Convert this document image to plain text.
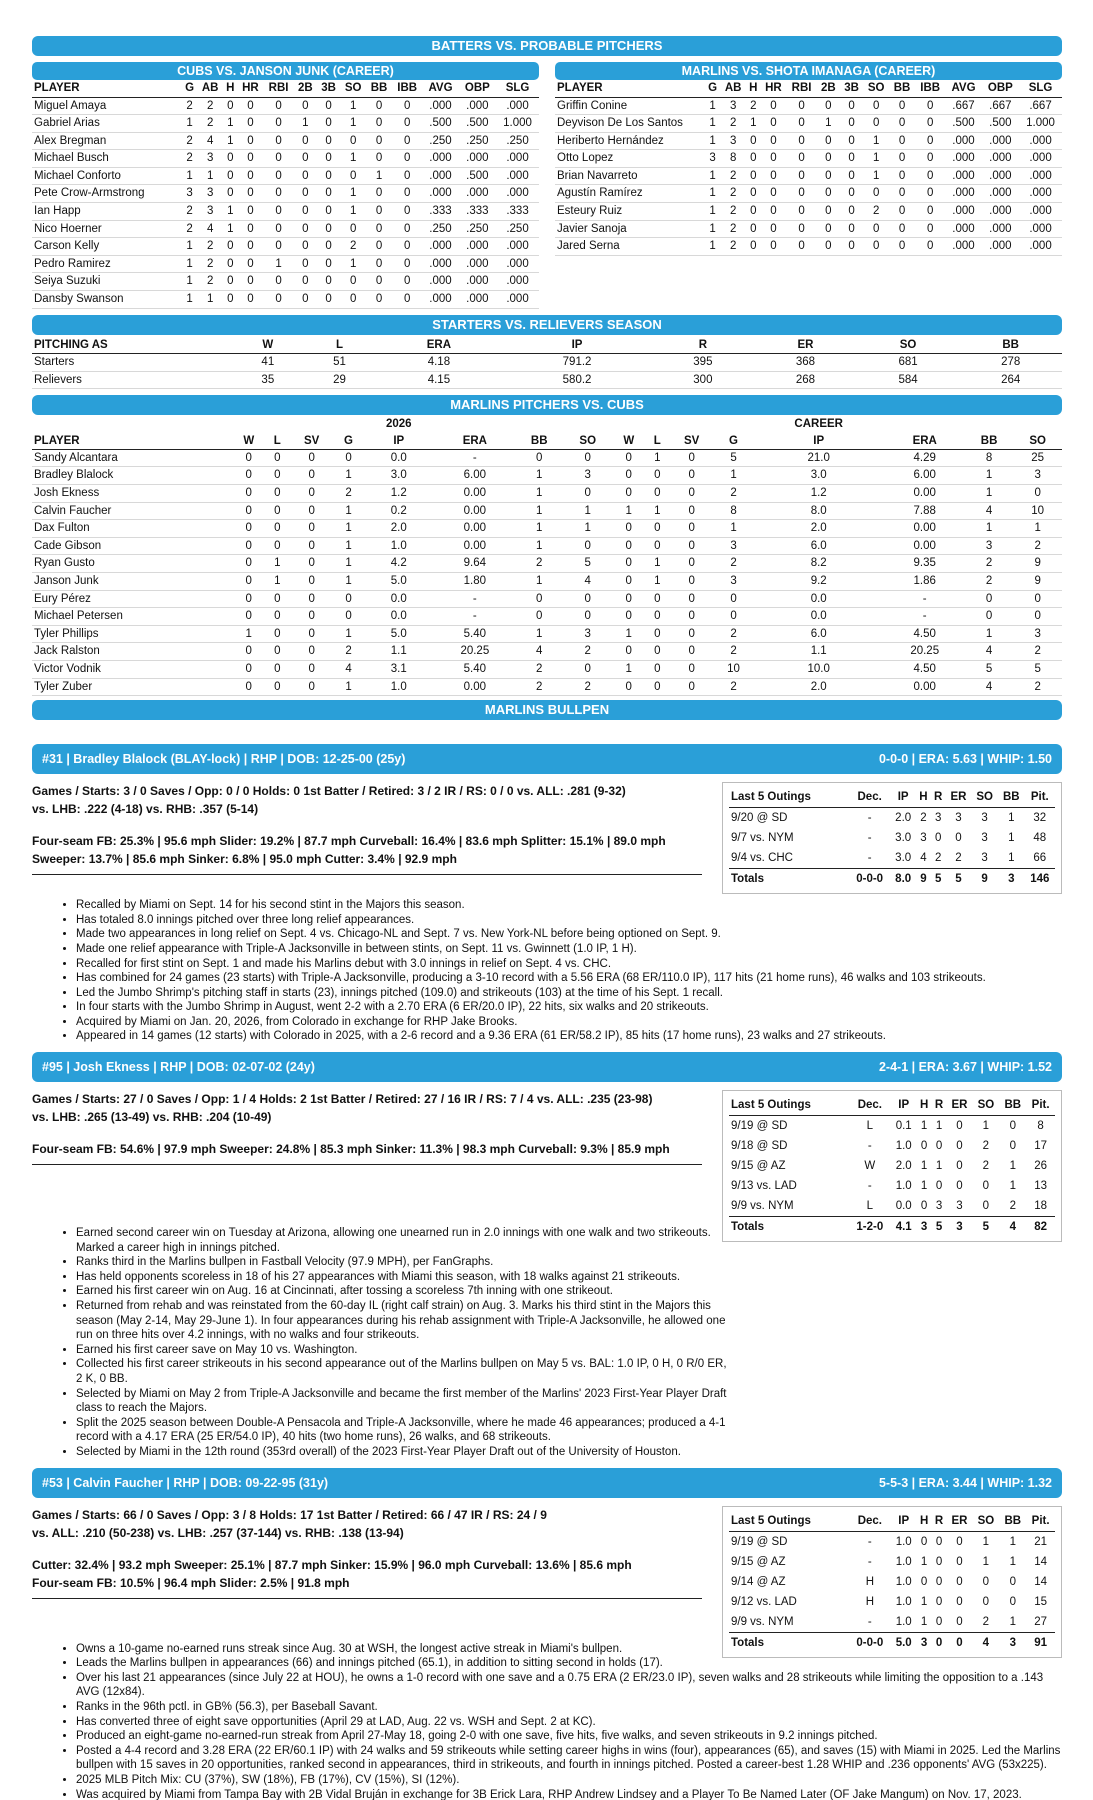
BATTERS VS. PROBABLE PITCHERS
CUBS VS. JANSON JUNK (CAREER)
PLAYER	G	AB	H	HR	RBI	2B	3B	SO	BB	IBB	AVG	OBP	SLG
Miguel Amaya	2	2	0	0	0	0	0	1	0	0	.000	.000	.000
Gabriel Arias	1	2	1	0	0	1	0	1	0	0	.500	.500	1.000
Alex Bregman	2	4	1	0	0	0	0	0	0	0	.250	.250	.250
Michael Busch	2	3	0	0	0	0	0	1	0	0	.000	.000	.000
Michael Conforto	1	1	0	0	0	0	0	0	1	0	.000	.500	.000
Pete Crow-Armstrong	3	3	0	0	0	0	0	1	0	0	.000	.000	.000
Ian Happ	2	3	1	0	0	0	0	1	0	0	.333	.333	.333
Nico Hoerner	2	4	1	0	0	0	0	0	0	0	.250	.250	.250
Carson Kelly	1	2	0	0	0	0	0	2	0	0	.000	.000	.000
Pedro Ramirez	1	2	0	0	1	0	0	1	0	0	.000	.000	.000
Seiya Suzuki	1	2	0	0	0	0	0	0	0	0	.000	.000	.000
Dansby Swanson	1	1	0	0	0	0	0	0	0	0	.000	.000	.000
MARLINS VS. SHOTA IMANAGA (CAREER)
PLAYER	G	AB	H	HR	RBI	2B	3B	SO	BB	IBB	AVG	OBP	SLG
Griffin Conine	1	3	2	0	0	0	0	0	0	0	.667	.667	.667
Deyvison De Los Santos	1	2	1	0	0	1	0	0	0	0	.500	.500	1.000
Heriberto Hernández	1	3	0	0	0	0	0	1	0	0	.000	.000	.000
Otto Lopez	3	8	0	0	0	0	0	1	0	0	.000	.000	.000
Brian Navarreto	1	2	0	0	0	0	0	1	0	0	.000	.000	.000
Agustín Ramírez	1	2	0	0	0	0	0	0	0	0	.000	.000	.000
Esteury Ruiz	1	2	0	0	0	0	0	2	0	0	.000	.000	.000
Javier Sanoja	1	2	0	0	0	0	0	0	0	0	.000	.000	.000
Jared Serna	1	2	0	0	0	0	0	0	0	0	.000	.000	.000
STARTERS VS. RELIEVERS SEASON
PITCHING AS	W	L	ERA	IP	R	ER	SO	BB
Starters	41	51	4.18	791.2	395	368	681	278
Relievers	35	29	4.15	580.2	300	268	584	264
MARLINS PITCHERS VS. CUBS
					2026								CAREER			
PLAYER	W	L	SV	G	IP	ERA	BB	SO	W	L	SV	G	IP	ERA	BB	SO
Sandy Alcantara	0	0	0	0	0.0	-	0	0	0	1	0	5	21.0	4.29	8	25
Bradley Blalock	0	0	0	1	3.0	6.00	1	3	0	0	0	1	3.0	6.00	1	3
Josh Ekness	0	0	0	2	1.2	0.00	1	0	0	0	0	2	1.2	0.00	1	0
Calvin Faucher	0	0	0	1	0.2	0.00	1	1	1	1	0	8	8.0	7.88	4	10
Dax Fulton	0	0	0	1	2.0	0.00	1	1	0	0	0	1	2.0	0.00	1	1
Cade Gibson	0	0	0	1	1.0	0.00	1	0	0	0	0	3	6.0	0.00	3	2
Ryan Gusto	0	1	0	1	4.2	9.64	2	5	0	1	0	2	8.2	9.35	2	9
Janson Junk	0	1	0	1	5.0	1.80	1	4	0	1	0	3	9.2	1.86	2	9
Eury Pérez	0	0	0	0	0.0	-	0	0	0	0	0	0	0.0	-	0	0
Michael Petersen	0	0	0	0	0.0	-	0	0	0	0	0	0	0.0	-	0	0
Tyler Phillips	1	0	0	1	5.0	5.40	1	3	1	0	0	2	6.0	4.50	1	3
Jack Ralston	0	0	0	2	1.1	20.25	4	2	0	0	0	2	1.1	20.25	4	2
Victor Vodnik	0	0	0	4	3.1	5.40	2	0	1	0	0	10	10.0	4.50	5	5
Tyler Zuber	0	0	0	1	1.0	0.00	2	2	0	0	0	2	2.0	0.00	4	2
MARLINS BULLPEN
#31 | Bradley Blalock (BLAY-lock) | RHP | DOB: 12-25-00 (25y)	0-0-0 | ERA: 5.63 | WHIP: 1.50
Games / Starts: 3 / 0 Saves / Opp: 0 / 0 Holds: 0 1st Batter / Retired: 3 / 2 IR / RS: 0 / 0 vs. ALL: .281 (9-32)
vs. LHB: .222 (4-18) vs. RHB: .357 (5-14)
Four-seam FB: 25.3% | 95.6 mph Slider: 19.2% | 87.7 mph Curveball: 16.4% | 83.6 mph Splitter: 15.1% | 89.0 mph
Sweeper: 13.7% | 85.6 mph Sinker: 6.8% | 95.0 mph Cutter: 3.4% | 92.9 mph
Last 5 Outings	Dec.	IP	H	R	ER	SO	BB	Pit.
9/20 @ SD	-	2.0	2	3	3	3	1	32
9/7 vs. NYM	-	3.0	3	0	0	3	1	48
9/4 vs. CHC	-	3.0	4	2	2	3	1	66
Totals	0-0-0	8.0	9	5	5	9	3	146
• Recalled by Miami on Sept. 14 for his second stint in the Majors this season.
• Has totaled 8.0 innings pitched over three long relief appearances.
• Made two appearances in long relief on Sept. 4 vs. Chicago-NL and Sept. 7 vs. New York-NL before being optioned on Sept. 9.
• Made one relief appearance with Triple-A Jacksonville in between stints, on Sept. 11 vs. Gwinnett (1.0 IP, 1 H).
• Recalled for first stint on Sept. 1 and made his Marlins debut with 3.0 innings in relief on Sept. 4 vs. CHC.
• Has combined for 24 games (23 starts) with Triple-A Jacksonville, producing a 3-10 record with a 5.56 ERA (68 ER/110.0 IP), 117 hits (21 home runs), 46 walks and 103 strikeouts.
• Led the Jumbo Shrimp's pitching staff in starts (23), innings pitched (109.0) and strikeouts (103) at the time of his Sept. 1 recall.
• In four starts with the Jumbo Shrimp in August, went 2-2 with a 2.70 ERA (6 ER/20.0 IP), 22 hits, six walks and 20 strikeouts.
• Acquired by Miami on Jan. 20, 2026, from Colorado in exchange for RHP Jake Brooks.
• Appeared in 14 games (12 starts) with Colorado in 2025, with a 2-6 record and a 9.36 ERA (61 ER/58.2 IP), 85 hits (17 home runs), 23 walks and 27 strikeouts.
#95 | Josh Ekness | RHP | DOB: 02-07-02 (24y)	2-4-1 | ERA: 3.67 | WHIP: 1.52
Games / Starts: 27 / 0 Saves / Opp: 1 / 4 Holds: 2 1st Batter / Retired: 27 / 16 IR / RS: 7 / 4 vs. ALL: .235 (23-98)
vs. LHB: .265 (13-49) vs. RHB: .204 (10-49)
Four-seam FB: 54.6% | 97.9 mph Sweeper: 24.8% | 85.3 mph Sinker: 11.3% | 98.3 mph Curveball: 9.3% | 85.9 mph
Last 5 Outings	Dec.	IP	H	R	ER	SO	BB	Pit.
9/19 @ SD	L	0.1	1	1	0	1	0	8
9/18 @ SD	-	1.0	0	0	0	2	0	17
9/15 @ AZ	W	2.0	1	1	0	2	1	26
9/13 vs. LAD	-	1.0	1	0	0	0	1	13
9/9 vs. NYM	L	0.0	0	3	3	0	2	18
Totals	1-2-0	4.1	3	5	3	5	4	82
• Earned second career win on Tuesday at Arizona, allowing one unearned run in 2.0 innings with one walk and two strikeouts. Marked a career high in innings pitched.
• Ranks third in the Marlins bullpen in Fastball Velocity (97.9 MPH), per FanGraphs.
• Has held opponents scoreless in 18 of his 27 appearances with Miami this season, with 18 walks against 21 strikeouts.
• Earned his first career win on Aug. 16 at Cincinnati, after tossing a scoreless 7th inning with one strikeout.
• Returned from rehab and was reinstated from the 60-day IL (right calf strain) on Aug. 3. Marks his third stint in the Majors this season (May 2-14, May 29-June 1). In four appearances during his rehab assignment with Triple-A Jacksonville, he allowed one run on three hits over 4.2 innings, with no walks and four strikeouts.
• Earned his first career save on May 10 vs. Washington.
• Collected his first career strikeouts in his second appearance out of the Marlins bullpen on May 5 vs. BAL: 1.0 IP, 0 H, 0 R/0 ER, 2 K, 0 BB.
• Selected by Miami on May 2 from Triple-A Jacksonville and became the first member of the Marlins' 2023 First-Year Player Draft class to reach the Majors.
• Split the 2025 season between Double-A Pensacola and Triple-A Jacksonville, where he made 46 appearances; produced a 4-1 record with a 4.17 ERA (25 ER/54.0 IP), 40 hits (two home runs), 26 walks, and 68 strikeouts.
• Selected by Miami in the 12th round (353rd overall) of the 2023 First-Year Player Draft out of the University of Houston.
#53 | Calvin Faucher | RHP | DOB: 09-22-95 (31y)	5-5-3 | ERA: 3.44 | WHIP: 1.32
Games / Starts: 66 / 0 Saves / Opp: 3 / 8 Holds: 17 1st Batter / Retired: 66 / 47 IR / RS: 24 / 9
vs. ALL: .210 (50-238) vs. LHB: .257 (37-144) vs. RHB: .138 (13-94)
Cutter: 32.4% | 93.2 mph Sweeper: 25.1% | 87.7 mph Sinker: 15.9% | 96.0 mph Curveball: 13.6% | 85.6 mph
Four-seam FB: 10.5% | 96.4 mph Slider: 2.5% | 91.8 mph
Last 5 Outings	Dec.	IP	H	R	ER	SO	BB	Pit.
9/19 @ SD	-	1.0	0	0	0	1	1	21
9/15 @ AZ	-	1.0	1	0	0	1	1	14
9/14 @ AZ	H	1.0	0	0	0	0	0	14
9/12 vs. LAD	H	1.0	1	0	0	0	0	15
9/9 vs. NYM	-	1.0	1	0	0	2	1	27
Totals	0-0-0	5.0	3	0	0	4	3	91
• Owns a 10-game no-earned runs streak since Aug. 30 at WSH, the longest active streak in Miami's bullpen.
• Leads the Marlins bullpen in appearances (66) and innings pitched (65.1), in addition to sitting second in holds (17).
• Over his last 21 appearances (since July 22 at HOU), he owns a 1-0 record with one save and a 0.75 ERA (2 ER/23.0 IP), seven walks and 28 strikeouts while limiting the opposition to a .143 AVG (12x84).
• Ranks in the 96th pctl. in GB% (56.3), per Baseball Savant.
• Has converted three of eight save opportunities (April 29 at LAD, Aug. 22 vs. WSH and Sept. 2 at KC).
• Produced an eight-game no-earned-run streak from April 27-May 18, going 2-0 with one save, five hits, five walks, and seven strikeouts in 9.2 innings pitched.
• Posted a 4-4 record and 3.28 ERA (22 ER/60.1 IP) with 24 walks and 59 strikeouts while setting career highs in wins (four), appearances (65), and saves (15) with Miami in 2025. Led the Marlins bullpen with 15 saves in 20 opportunities, ranked second in appearances, third in strikeouts, and fourth in innings pitched. Posted a career-best 1.28 WHIP and .236 opponents' AVG (53x225).
• 2025 MLB Pitch Mix: CU (37%), SW (18%), FB (17%), CV (15%), SI (12%).
• Was acquired by Miami from Tampa Bay with 2B Vidal Bruján in exchange for 3B Erick Lara, RHP Andrew Lindsey and a Player To Be Named Later (OF Jake Mangum) on Nov. 17, 2023.
